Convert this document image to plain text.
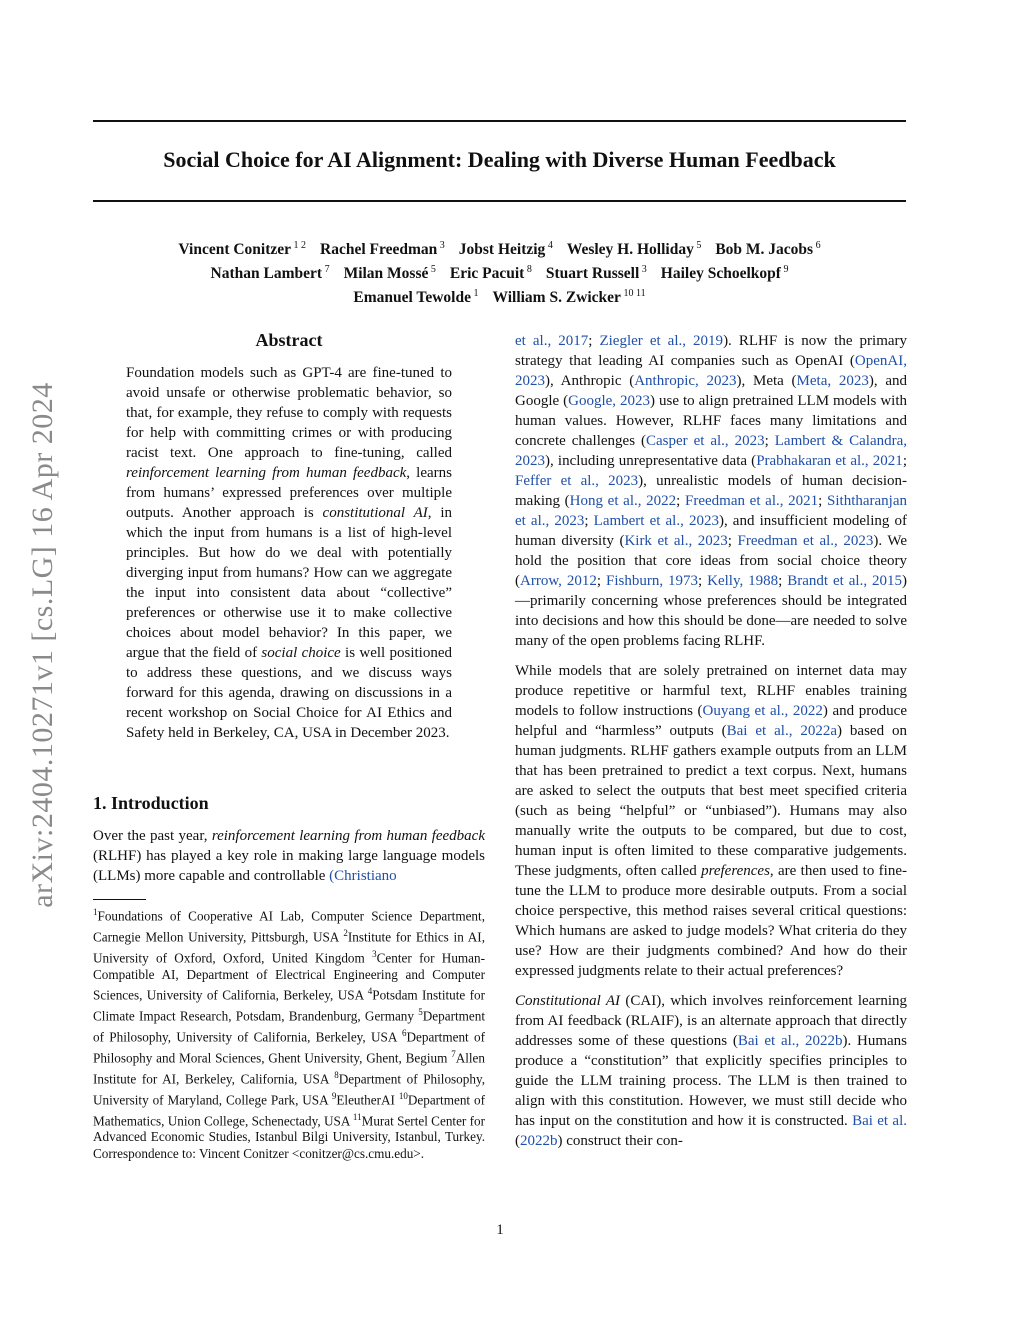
Social Choice for AI Alignment: Dealing with Diverse Human Feedback
Vincent Conitzer $^{1 2}$ Rachel Freedman $^3$ Jobst Heitzig $^4$ Wesley H. Holliday $^5$ Bob M. Jacobs $^6$
Nathan Lambert $^7$ Milan Mossé $^5$ Eric Pacuit $^8$ Stuart Russell $^3$ Hailey Schoelkopf $^9$
Emanuel Tewolde $^1$ William S. Zwicker $^{10 11}$
arXiv:2404.10271v1 [cs.LG] 16 Apr 2024
Abstract
Foundation models such as GPT-4 are fine-tuned to avoid unsafe or otherwise problematic behavior, so that, for example, they refuse to comply with requests for help with committing crimes or with producing racist text. One approach to fine-tuning, called reinforcement learning from human feedback, learns from humans’ expressed preferences over multiple outputs. Another approach is constitutional AI, in which the input from humans is a list of high-level principles. But how do we deal with potentially diverging input from humans? How can we aggregate the input into consistent data about “collective” preferences or otherwise use it to make collective choices about model behavior? In this paper, we argue that the field of social choice is well positioned to address these questions, and we discuss ways forward for this agenda, drawing on discussions in a recent workshop on Social Choice for AI Ethics and Safety held in Berkeley, CA, USA in December 2023.
1. Introduction
Over the past year, reinforcement learning from human feedback (RLHF) has played a key role in making large language models (LLMs) more capable and controllable (Christiano
$^1$Foundations of Cooperative AI Lab, Computer Science Department, Carnegie Mellon University, Pittsburgh, USA $^2$Institute for Ethics in AI, University of Oxford, Oxford, United Kingdom $^3$Center for Human-Compatible AI, Department of Electrical Engineering and Computer Sciences, University of California, Berkeley, USA $^4$Potsdam Institute for Climate Impact Research, Potsdam, Brandenburg, Germany $^5$Department of Philosophy, University of California, Berkeley, USA $^6$Department of Philosophy and Moral Sciences, Ghent University, Ghent, Begium $^7$Allen Institute for AI, Berkeley, California, USA $^8$Department of Philosophy, University of Maryland, College Park, USA $^9$EleutherAI $^{10}$Department of Mathematics, Union College, Schenectady, USA $^{11}$Murat Sertel Center for Advanced Economic Studies, Istanbul Bilgi University, Istanbul, Turkey. Correspondence to: Vincent Conitzer <conitzer@cs.cmu.edu>.
et al., 2017; Ziegler et al., 2019). RLHF is now the primary strategy that leading AI companies such as OpenAI (OpenAI, 2023), Anthropic (Anthropic, 2023), Meta (Meta, 2023), and Google (Google, 2023) use to align pretrained LLM models with human values. However, RLHF faces many limitations and concrete challenges (Casper et al., 2023; Lambert & Calandra, 2023), including unrepresentative data (Prabhakaran et al., 2021; Feffer et al., 2023), unrealistic models of human decision-making (Hong et al., 2022; Freedman et al., 2021; Siththaranjan et al., 2023; Lambert et al., 2023), and insufficient modeling of human diversity (Kirk et al., 2023; Freedman et al., 2023). We hold the position that core ideas from social choice theory (Arrow, 2012; Fishburn, 1973; Kelly, 1988; Brandt et al., 2015)—primarily concerning whose preferences should be integrated into decisions and how this should be done—are needed to solve many of the open problems facing RLHF.
While models that are solely pretrained on internet data may produce repetitive or harmful text, RLHF enables training models to follow instructions (Ouyang et al., 2022) and produce helpful and “harmless” outputs (Bai et al., 2022a) based on human judgments. RLHF gathers example outputs from an LLM that has been pretrained to predict a text corpus. Next, humans are asked to select the outputs that best meet specified criteria (such as being “helpful” or “unbiased”). Humans may also manually write the outputs to be compared, but due to cost, human input is often limited to these comparative judgements. These judgments, often called preferences, are then used to fine-tune the LLM to produce more desirable outputs. From a social choice perspective, this method raises several critical questions: Which humans are asked to judge models? What criteria do they use? How are their judgments combined? And how do their expressed judgments relate to their actual preferences?
Constitutional AI (CAI), which involves reinforcement learning from AI feedback (RLAIF), is an alternate approach that directly addresses some of these questions (Bai et al., 2022b). Humans produce a “constitution” that explicitly specifies principles to guide the LLM training process. The LLM is then trained to align with this constitution. However, we must still decide who has input on the constitution and how it is constructed. Bai et al. (2022b) construct their con-
1
